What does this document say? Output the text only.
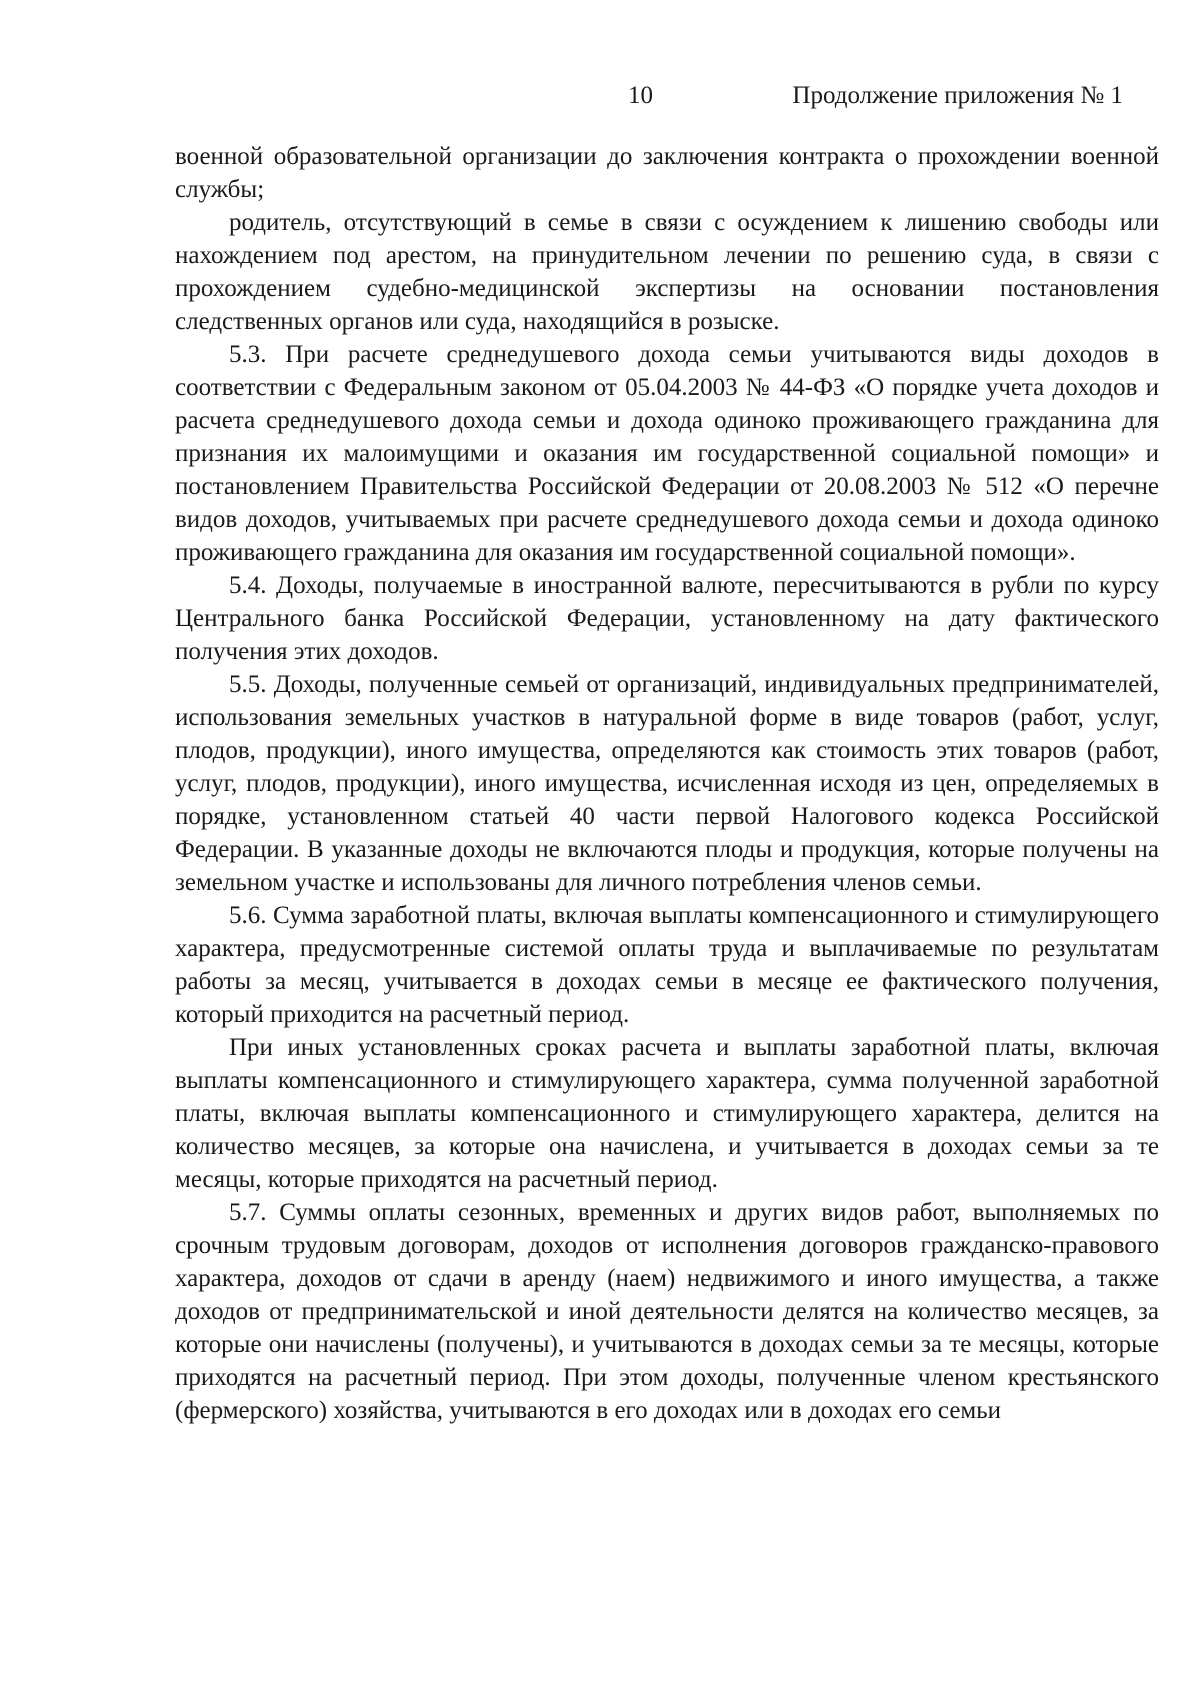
10	Продолжение приложения № 1

военной образовательной организации до заключения контракта о прохождении военной службы;

родитель, отсутствующий в семье в связи с осуждением к лишению свободы или нахождением под арестом, на принудительном лечении по решению суда, в связи с прохождением судебно-медицинской экспертизы на основании постановления следственных органов или суда, находящийся в розыске.

5.3. При расчете среднедушевого дохода семьи учитываются виды доходов в соответствии с Федеральным законом от 05.04.2003 № 44-ФЗ «О порядке учета доходов и расчета среднедушевого дохода семьи и дохода одиноко проживающего гражданина для признания их малоимущими и оказания им государственной социальной помощи» и постановлением Правительства Российской Федерации от 20.08.2003 № 512 «О перечне видов доходов, учитываемых при расчете среднедушевого дохода семьи и дохода одиноко проживающего гражданина для оказания им государственной социальной помощи».

5.4. Доходы, получаемые в иностранной валюте, пересчитываются в рубли по курсу Центрального банка Российской Федерации, установленному на дату фактического получения этих доходов.

5.5. Доходы, полученные семьей от организаций, индивидуальных предпринимателей, использования земельных участков в натуральной форме в виде товаров (работ, услуг, плодов, продукции), иного имущества, определяются как стоимость этих товаров (работ, услуг, плодов, продукции), иного имущества, исчисленная исходя из цен, определяемых в порядке, установленном статьей 40 части первой Налогового кодекса Российской Федерации. В указанные доходы не включаются плоды и продукция, которые получены на земельном участке и использованы для личного потребления членов семьи.

5.6. Сумма заработной платы, включая выплаты компенсационного и стимулирующего характера, предусмотренные системой оплаты труда и выплачиваемые по результатам работы за месяц, учитывается в доходах семьи в месяце ее фактического получения, который приходится на расчетный период.

При иных установленных сроках расчета и выплаты заработной платы, включая выплаты компенсационного и стимулирующего характера, сумма полученной заработной платы, включая выплаты компенсационного и стимулирующего характера, делится на количество месяцев, за которые она начислена, и учитывается в доходах семьи за те месяцы, которые приходятся на расчетный период.

5.7. Суммы оплаты сезонных, временных и других видов работ, выполняемых по срочным трудовым договорам, доходов от исполнения договоров гражданско-правового характера, доходов от сдачи в аренду (наем) недвижимого и иного имущества, а также доходов от предпринимательской и иной деятельности делятся на количество месяцев, за которые они начислены (получены), и учитываются в доходах семьи за те месяцы, которые приходятся на расчетный период. При этом доходы, полученные членом крестьянского (фермерского) хозяйства, учитываются в его доходах или в доходах его семьи
